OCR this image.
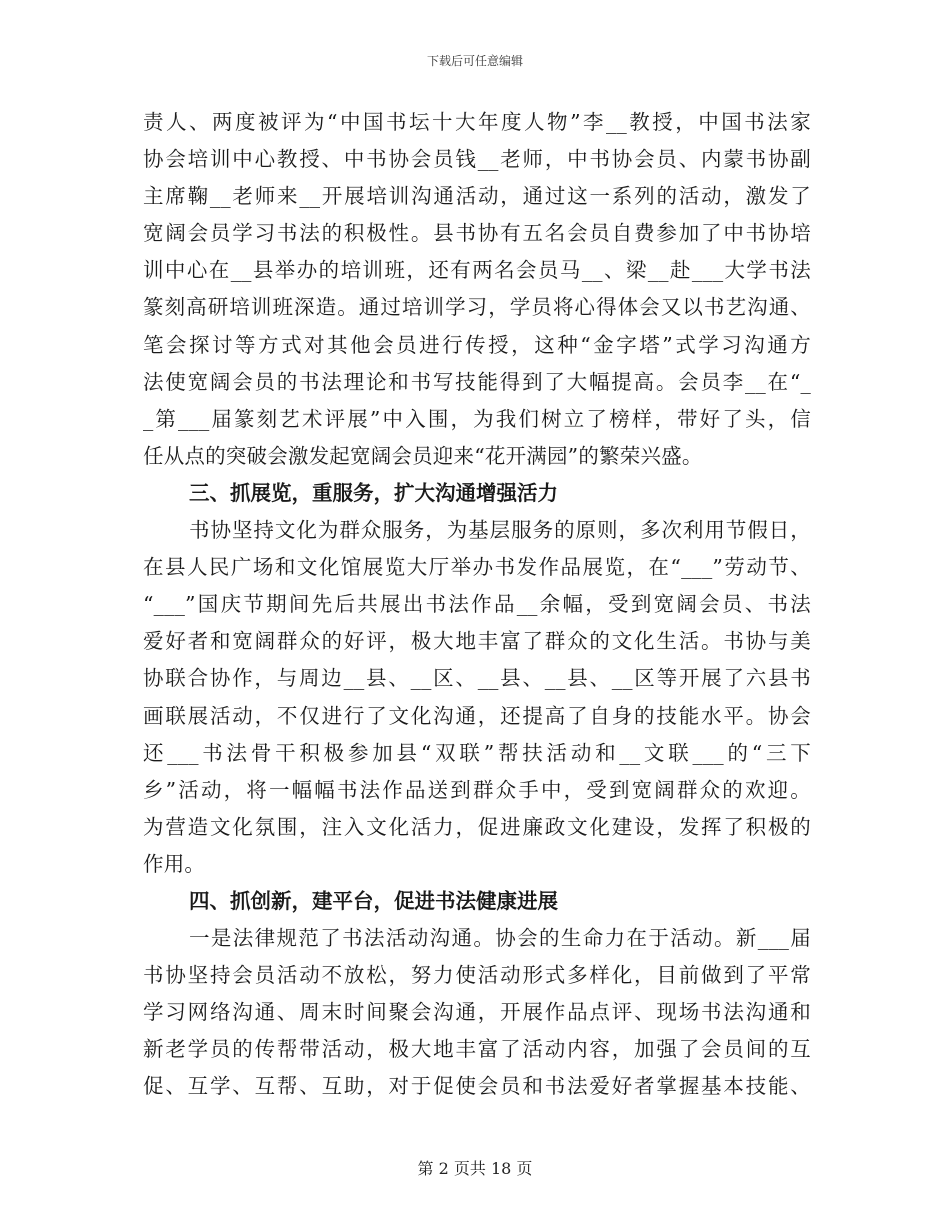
下载后可任意编辑
责人、两度被评为“中国书坛十大年度人物”李__教授，中国书法家
协会培训中心教授、中书协会员钱__老师，中书协会员、内蒙书协副
主席鞠__老师来__开展培训沟通活动，通过这一系列的活动，激发了
宽阔会员学习书法的积极性。县书协有五名会员自费参加了中书协培
训中心在__县举办的培训班，还有两名会员马__、梁__赴___大学书法
篆刻高研培训班深造。通过培训学习，学员将心得体会又以书艺沟通、
笔会探讨等方式对其他会员进行传授，这种“金字塔”式学习沟通方
法使宽阔会员的书法理论和书写技能得到了大幅提高。会员李__在“_
_第___届篆刻艺术评展”中入围，为我们树立了榜样，带好了头，信
任从点的突破会激发起宽阔会员迎来“花开满园”的繁荣兴盛。
三、抓展览，重服务，扩大沟通增强活力
书协坚持文化为群众服务，为基层服务的原则，多次利用节假日，
在县人民广场和文化馆展览大厅举办书发作品展览，在“___”劳动节、
“___”国庆节期间先后共展出书法作品__余幅，受到宽阔会员、书法
爱好者和宽阔群众的好评，极大地丰富了群众的文化生活。书协与美
协联合协作，与周边__县、__区、__县、__县、__区等开展了六县书
画联展活动，不仅进行了文化沟通，还提高了自身的技能水平。协会
还___书法骨干积极参加县“双联”帮扶活动和__文联___的“三下
乡”活动，将一幅幅书法作品送到群众手中，受到宽阔群众的欢迎。
为营造文化氛围，注入文化活力，促进廉政文化建设，发挥了积极的
作用。
四、抓创新，建平台，促进书法健康进展
一是法律规范了书法活动沟通。协会的生命力在于活动。新___届
书协坚持会员活动不放松，努力使活动形式多样化，目前做到了平常
学习网络沟通、周末时间聚会沟通，开展作品点评、现场书法沟通和
新老学员的传帮带活动，极大地丰富了活动内容，加强了会员间的互
促、互学、互帮、互助，对于促使会员和书法爱好者掌握基本技能、
第 2 页共 18 页
